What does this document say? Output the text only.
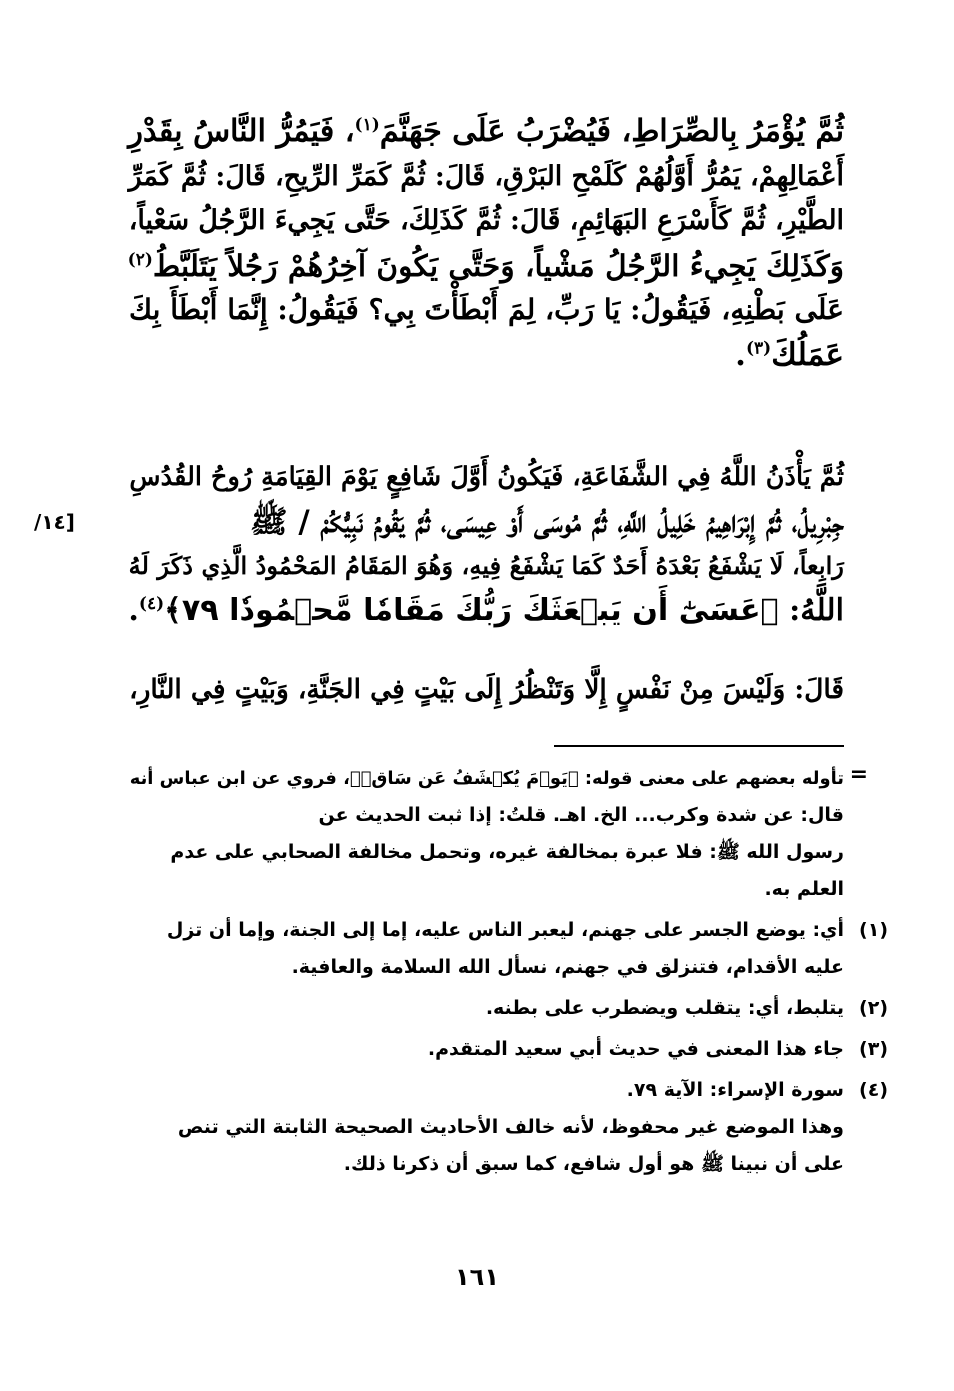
ثُمَّ يُؤْمَرُ بِالصِّرَاطِ، فَيُضْرَبُ عَلَى جَهَنَّمَ$^{(١)}$، فَيَمُرُّ النَّاسُ بِقَدْرِ
أَعْمَالِهِمْ، يَمُرُّ أَوَّلُهُمْ كَلَمْحِ البَرْقِ، قَالَ: ثُمَّ كَمَرِّ الرِّيحِ، قَالَ: ثُمَّ كَمَرِّ
الطَّيْرِ، ثُمَّ كَأَسْرَعِ البَهَائِمِ، قَالَ: ثُمَّ كَذَلِكَ، حَتَّى يَجِيءَ الرَّجُلُ سَعْياً،
وَكَذَلِكَ يَجِيءُ الرَّجُلُ مَشْياً، وَحَتَّى يَكُونَ آخِرُهُمْ رَجُلاً يَتَلَبَّطُ$^{(٢)}$
عَلَى بَطْنِهِ، فَيَقُولُ: يَا رَبِّ، لِمَ أَبْطَأْتَ بِي؟ فَيَقُولُ: إِنَّمَا أَبْطَأَ بِكَ
عَمَلُكَ$^{(٣)}$.
ثُمَّ يَأْذَنُ اللَّهُ فِي الشَّفَاعَةِ، فَيَكُونُ أَوَّلَ شَافِعٍ يَوْمَ القِيَامَةِ رُوحُ القُدُسِ
جِبْرِيلُ، ثُمَّ إِبْرَاهِيمُ خَلِيلُ اللَّهِ، ثُمَّ مُوسَى أَوْ عِيسَى، ثُمَّ يَقُومُ نَبِيُّكُمْ / ﷺ
رَابِعاً، لَا يَشْفَعُ بَعْدَهُ أَحَدٌ كَمَا يَشْفَعُ فِيهِ، وَهُوَ المَقَامُ المَحْمُودُ الَّذِي ذَكَرَ لَهُ
اللَّهُ: ﴿عَسَىٰٓ أَن يَبۡعَثَكَ رَبُّكَ مَقَامٗا مَّحۡمُودٗا ٧٩﴾$^{(٤)}$.
[١٤/
قَالَ: وَلَيْسَ مِنْ نَفْسٍ إِلَّا وَتَنْظُرُ إِلَى بَيْتٍ فِي الجَنَّةِ، وَبَيْتٍ فِي النَّارِ،
=
تأوله بعضهم على معنى قوله: ﴿يَوۡمَ يُكۡشَفُ عَن سَاقٖ﴾، فروي عن ابن عباس أنه
قال: عن شدة وكرب... الخ. اهـ. قلتُ: إذا ثبت الحديث عن
رسول الله ﷺ: فلا عبرة بمخالفة غيره، وتحمل مخالفة الصحابي على عدم
العلم به.
(١)
أي: يوضع الجسر على جهنم، ليعبر الناس عليه، إما إلى الجنة، وإما أن تزل
عليه الأقدام، فتنزلق في جهنم، نسأل الله السلامة والعافية.
(٢)
يتلبط، أي: يتقلب ويضطرب على بطنه.
(٣)
جاء هذا المعنى في حديث أبي سعيد المتقدم.
(٤)
سورة الإسراء: الآية ٧٩.
وهذا الموضع غير محفوظ، لأنه خالف الأحاديث الصحيحة الثابتة التي تنص
على أن نبينا ﷺ هو أول شافع، كما سبق أن ذكرنا ذلك.
١٦١
